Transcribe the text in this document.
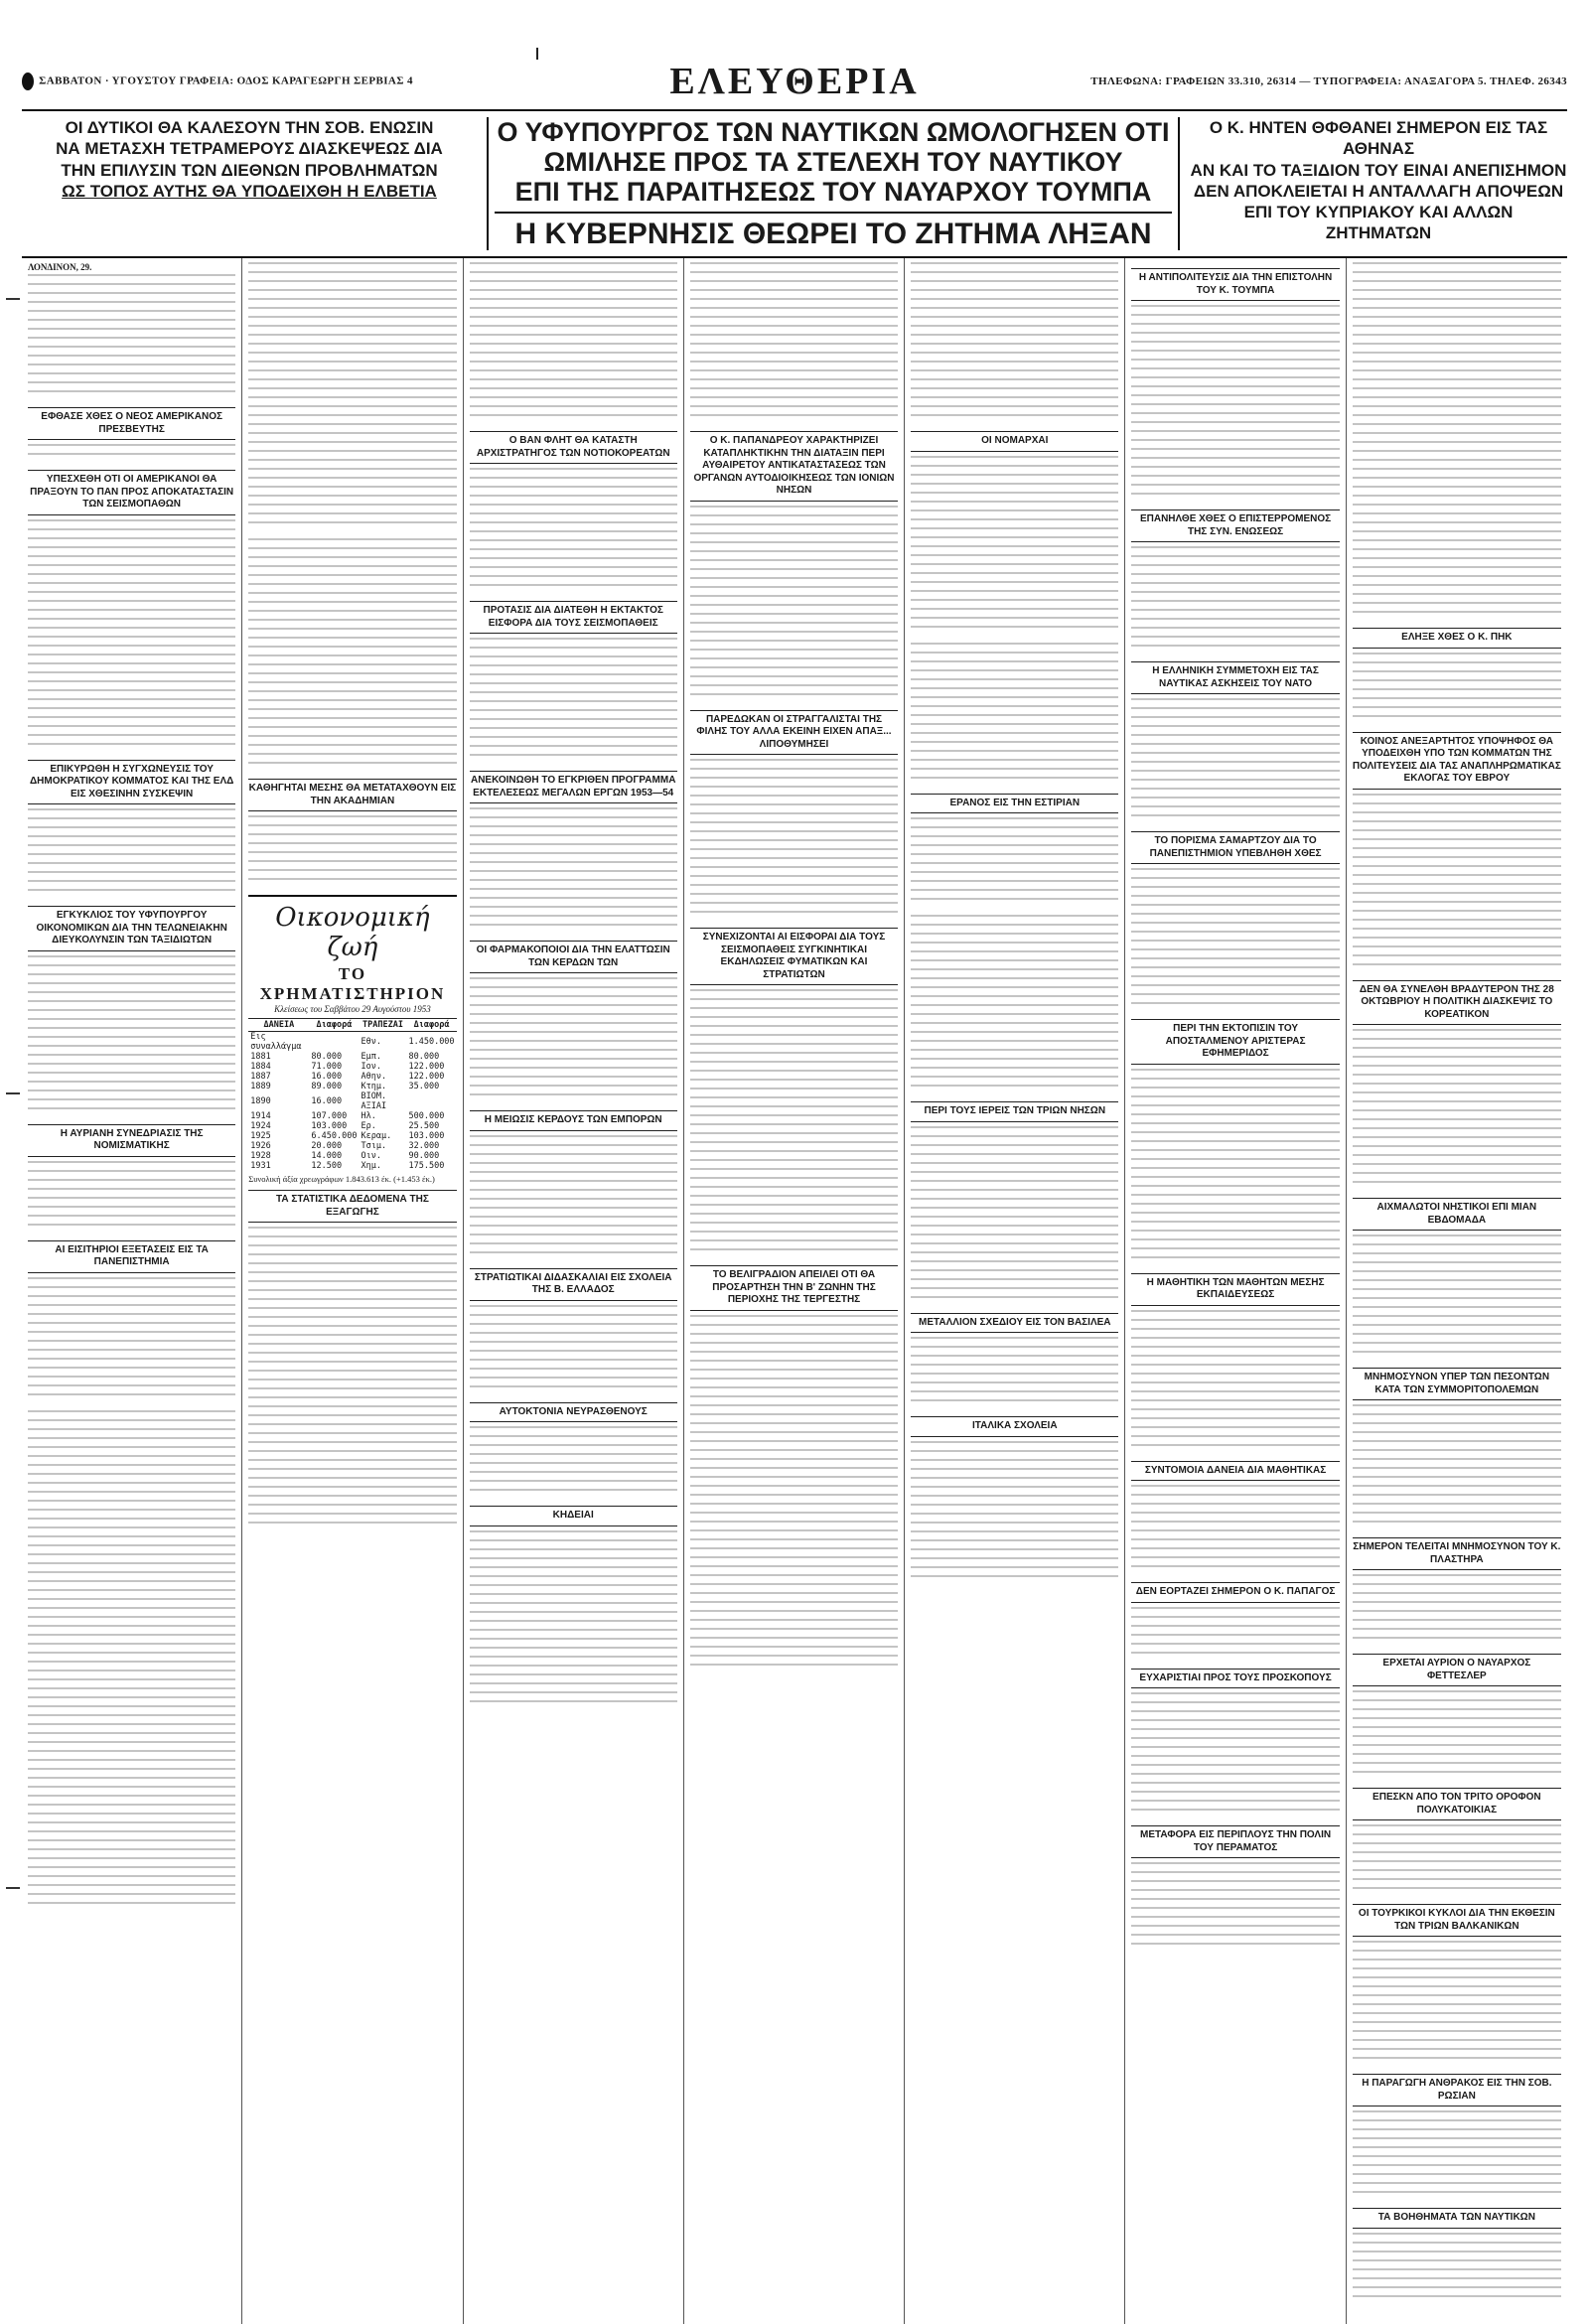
ΣΑΒΒΑΤΟΝ · ΥΓΟΥΣΤΟΥ ΓΡΑΦΕΙΑ: ΟΔΟΣ ΚΑΡΑΓΕΩΡΓΗ ΣΕΡΒΙΑΣ 4	ΕΛΕΥΘΕΡΙΑ	ΤΗΛΕΦΩΝΑ: ΓΡΑΦΕΙΩΝ 33.310, 26314 — ΤΥΠΟΓΡΑΦΕΙΑ: ΑΝΑΞΑΓΟΡΑ 5. ΤΗΛΕΦ. 26343
ΟΙ ΔΥΤΙΚΟΙ ΘΑ ΚΑΛΕΣΟΥΝ ΤΗΝ ΣΟΒ. ΕΝΩΣΙΝ
ΝΑ ΜΕΤΑΣΧΗ ΤΕΤΡΑΜΕΡΟΥΣ ΔΙΑΣΚΕΨΕΩΣ ΔΙΑ
ΤΗΝ ΕΠΙΛΥΣΙΝ ΤΩΝ ΔΙΕΘΝΩΝ ΠΡΟΒΛΗΜΑΤΩΝ
ΩΣ ΤΟΠΟΣ ΑΥΤΗΣ ΘΑ ΥΠΟΔΕΙΧΘΗ Η ΕΛΒΕΤΙΑ
Ο ΥΦΥΠΟΥΡΓΟΣ ΤΩΝ ΝΑΥΤΙΚΩΝ ΩΜΟΛΟΓΗΣΕΝ ΟΤΙ
ΩΜΙΛΗΣΕ ΠΡΟΣ ΤΑ ΣΤΕΛΕΧΗ ΤΟΥ ΝΑΥΤΙΚΟΥ
ΕΠΙ ΤΗΣ ΠΑΡΑΙΤΗΣΕΩΣ ΤΟΥ ΝΑΥΑΡΧΟΥ ΤΟΥΜΠΑ
Η ΚΥΒΕΡΝΗΣΙΣ ΘΕΩΡΕΙ ΤΟ ΖΗΤΗΜΑ ΛΗΞΑΝ
Ο Κ. ΗΝΤΕΝ ΘΦΘΑΝΕΙ ΣΗΜΕΡΟΝ ΕΙΣ ΤΑΣ ΑΘΗΝΑΣ
ΑΝ ΚΑΙ ΤΟ ΤΑΞΙΔΙΟΝ ΤΟΥ ΕΙΝΑΙ ΑΝΕΠΙΣΗΜΟΝ
ΔΕΝ ΑΠΟΚΛΕΙΕΤΑΙ Η ΑΝΤΑΛΛΑΓΗ ΑΠΟΨΕΩΝ
ΕΠΙ ΤΟΥ ΚΥΠΡΙΑΚΟΥ ΚΑΙ ΑΛΛΩΝ ΖΗΤΗΜΑΤΩΝ
ΛΟΝΔΙΝΟΝ, 29.
ΕΦΘΑΣΕ ΧΘΕΣ Ο ΝΕΟΣ ΑΜΕΡΙΚΑΝΟΣ ΠΡΕΣΒΕΥΤΗΣ
ΥΠΕΣΧΕΘΗ ΟΤΙ ΟΙ ΑΜΕΡΙΚΑΝΟΙ ΘΑ ΠΡΑΞΟΥΝ ΤΟ ΠΑΝ ΠΡΟΣ ΑΠΟΚΑΤΑΣΤΑΣΙΝ ΤΩΝ ΣΕΙΣΜΟΠΑΘΩΝ
ΕΠΙΚΥΡΩΘΗ Η ΣΥΓΧΩΝΕΥΣΙΣ ΤΟΥ ΔΗΜΟΚΡΑΤΙΚΟΥ ΚΟΜΜΑΤΟΣ ΚΑΙ ΤΗΣ ΕΛΔ ΕΙΣ ΧΘΕΣΙΝΗΝ ΣΥΣΚΕΨΙΝ
ΕΓΚΥΚΛΙΟΣ ΤΟΥ ΥΦΥΠΟΥΡΓΟΥ ΟΙΚΟΝΟΜΙΚΩΝ ΔΙΑ ΤΗΝ ΤΕΛΩΝΕΙΑΚΗΝ ΔΙΕΥΚΟΛΥΝΣΙΝ ΤΩΝ ΤΑΞΙΔΙΩΤΩΝ
Η ΑΥΡΙΑΝΗ ΣΥΝΕΔΡΙΑΣΙΣ ΤΗΣ ΝΟΜΙΣΜΑΤΙΚΗΣ
ΑΙ ΕΙΣΙΤΗΡΙΟΙ ΕΞΕΤΑΣΕΙΣ ΕΙΣ ΤΑ ΠΑΝΕΠΙΣΤΗΜΙΑ
ΚΑΘΗΓΗΤΑΙ ΜΕΣΗΣ ΘΑ ΜΕΤΑΤΑΧΘΟΥΝ ΕΙΣ ΤΗΝ ΑΚΑΔΗΜΙΑΝ
Οικονομική ζωή
ΤΟ ΧΡΗΜΑΤΙΣΤΗΡΙΟΝ
Κλείσεως του Σαββάτου 29 Αυγούστου 1953
ΔΑΝΕΙΑ	Διαφορά	ΤΡΑΠΕΖΑΙ	Διαφορά
Εις συναλλάγμα		Εθν.	1.450.000
1881	80.000	Εμπ.	80.000
1884	71.000	Ιον.	122.000
1887	16.000	Αθην.	122.000
1889	89.000	Κτημ.	35.000
1890	16.000	ΒΙΟΜ. ΑΞΙΑΙ	
1914	107.000	Ηλ.	500.000
1924	103.000	Ερ.	25.500
1925	6.450.000	Κεραμ.	103.000
1926	20.000	Τσιμ.	32.000
1928	14.000	Οιν.	90.000
1931	12.500	Χημ.	175.500
Συνολική άξία χρεωγράφων 1.843.613 έκ. (+1.453 έκ.)
ΤΑ ΣΤΑΤΙΣΤΙΚΑ ΔΕΔΟΜΕΝΑ ΤΗΣ ΕΞΑΓΩΓΗΣ
Ο ΒΑΝ ΦΛΗΤ ΘΑ ΚΑΤΑΣΤΗ ΑΡΧΙΣΤΡΑΤΗΓΟΣ ΤΩΝ ΝΟΤΙΟΚΟΡΕΑΤΩΝ
ΠΡΟΤΑΣΙΣ ΔΙΑ ΔΙΑΤΕΘΗ Η ΕΚΤΑΚΤΟΣ ΕΙΣΦΟΡΑ ΔΙΑ ΤΟΥΣ ΣΕΙΣΜΟΠΑΘΕΙΣ
ΑΝΕΚΟΙΝΩΘΗ ΤΟ ΕΓΚΡΙΘΕΝ ΠΡΟΓΡΑΜΜΑ ΕΚΤΕΛΕΣΕΩΣ ΜΕΓΑΛΩΝ ΕΡΓΩΝ 1953—54
ΟΙ ΦΑΡΜΑΚΟΠΟΙΟΙ ΔΙΑ ΤΗΝ ΕΛΑΤΤΩΣΙΝ ΤΩΝ ΚΕΡΔΩΝ ΤΩΝ
Η ΜΕΙΩΣΙΣ ΚΕΡΔΟΥΣ ΤΩΝ ΕΜΠΟΡΩΝ
ΣΤΡΑΤΙΩΤΙΚΑΙ ΔΙΔΑΣΚΑΛΙΑΙ ΕΙΣ ΣΧΟΛΕΙΑ ΤΗΣ Β. ΕΛΛΑΔΟΣ
ΑΥΤΟΚΤΟΝΙΑ ΝΕΥΡΑΣΘΕΝΟΥΣ
ΚΗΔΕΙΑΙ
Ο Κ. ΠΑΠΑΝΔΡΕΟΥ ΧΑΡΑΚΤΗΡΙΖΕΙ ΚΑΤΑΠΛΗΚΤΙΚΗΝ ΤΗΝ ΔΙΑΤΑΞΙΝ ΠΕΡΙ ΑΥΘΑΙΡΕΤΟΥ ΑΝΤΙΚΑΤΑΣΤΑΣΕΩΣ ΤΩΝ ΟΡΓΑΝΩΝ ΑΥΤΟΔΙΟΙΚΗΣΕΩΣ ΤΩΝ ΙΟΝΙΩΝ ΝΗΣΩΝ
ΠΑΡΕΔΩΚΑΝ ΟΙ ΣΤΡΑΓΓΑΛΙΣΤΑΙ ΤΗΣ ΦΙΛΗΣ ΤΟΥ ΑΛΛΑ ΕΚΕΙΝΗ ΕΙΧΕΝ ΑΠΑΞ... ΛΙΠΟΘΥΜΗΣΕΙ
ΣΥΝΕΧΙΖΟΝΤΑΙ ΑΙ ΕΙΣΦΟΡΑΙ ΔΙΑ ΤΟΥΣ ΣΕΙΣΜΟΠΑΘΕΙΣ ΣΥΓΚΙΝΗΤΙΚΑΙ ΕΚΔΗΛΩΣΕΙΣ ΦΥΜΑΤΙΚΩΝ ΚΑΙ ΣΤΡΑΤΙΩΤΩΝ
ΤΟ ΒΕΛΙΓΡΑΔΙΟΝ ΑΠΕΙΛΕΙ ΟΤΙ ΘΑ ΠΡΟΣΑΡΤΗΣΗ ΤΗΝ Β' ΖΩΝΗΝ ΤΗΣ ΠΕΡΙΟΧΗΣ ΤΗΣ ΤΕΡΓΕΣΤΗΣ
ΟΙ ΝΟΜΑΡΧΑΙ
ΕΡΑΝΟΣ ΕΙΣ ΤΗΝ ΕΣΤΙΡΙΑΝ
ΠΕΡΙ ΤΟΥΣ ΙΕΡΕΙΣ ΤΩΝ ΤΡΙΩΝ ΝΗΣΩΝ
ΜΕΤΑΛΛΙΟΝ ΣΧΕΔΙΟΥ ΕΙΣ ΤΟΝ ΒΑΣΙΛΕΑ
ΙΤΑΛΙΚΑ ΣΧΟΛΕΙΑ
Η ΑΝΤΙΠΟΛΙΤΕΥΣΙΣ ΔΙΑ ΤΗΝ ΕΠΙΣΤΟΛΗΝ ΤΟΥ Κ. ΤΟΥΜΠΑ
ΕΠΑΝΗΛΘΕ ΧΘΕΣ Ο ΕΠΙΣΤΕΡΡΟΜΕΝΟΣ ΤΗΣ ΣΥΝ. ΕΝΩΣΕΩΣ
Η ΕΛΛΗΝΙΚΗ ΣΥΜΜΕΤΟΧΗ ΕΙΣ ΤΑΣ ΝΑΥΤΙΚΑΣ ΑΣΚΗΣΕΙΣ ΤΟΥ ΝΑΤΟ
ΤΟ ΠΟΡΙΣΜΑ ΣΑΜΑΡΤΖΟΥ ΔΙΑ ΤΟ ΠΑΝΕΠΙΣΤΗΜΙΟΝ ΥΠΕΒΛΗΘΗ ΧΘΕΣ
ΠΕΡΙ ΤΗΝ ΕΚΤΟΠΙΣΙΝ ΤΟΥ ΑΠΟΣΤΑΛΜΕΝΟΥ ΑΡΙΣΤΕΡΑΣ ΕΦΗΜΕΡΙΔΟΣ
Η ΜΑΘΗΤΙΚΗ ΤΩΝ ΜΑΘΗΤΩΝ ΜΕΣΗΣ ΕΚΠΑΙΔΕΥΣΕΩΣ
ΣΥΝΤΟΜΟΙΑ ΔΑΝΕΙΑ ΔΙΑ ΜΑΘΗΤΙΚΑΣ
ΔΕΝ ΕΟΡΤΑΖΕΙ ΣΗΜΕΡΟΝ Ο Κ. ΠΑΠΑΓΟΣ
ΕΥΧΑΡΙΣΤΙΑΙ ΠΡΟΣ ΤΟΥΣ ΠΡΟΣΚΟΠΟΥΣ
ΜΕΤΑΦΟΡΑ ΕΙΣ ΠΕΡΙΠΛΟΥΣ ΤΗΝ ΠΟΛΙΝ ΤΟΥ ΠΕΡΑΜΑΤΟΣ
ΕΛΗΞΕ ΧΘΕΣ Ο Κ. ΠΗΚ
ΚΟΙΝΟΣ ΑΝΕΞΑΡΤΗΤΟΣ ΥΠΟΨΗΦΟΣ ΘΑ ΥΠΟΔΕΙΧΘΗ ΥΠΟ ΤΩΝ ΚΟΜΜΑΤΩΝ ΤΗΣ ΠΟΛΙΤΕΥΣΕΙΣ ΔΙΑ ΤΑΣ ΑΝΑΠΛΗΡΩΜΑΤΙΚΑΣ ΕΚΛΟΓΑΣ ΤΟΥ ΕΒΡΟΥ
ΔΕΝ ΘΑ ΣΥΝΕΛΘΗ ΒΡΑΔΥΤΕΡΟΝ ΤΗΣ 28 ΟΚΤΩΒΡΙΟΥ Η ΠΟΛΙΤΙΚΗ ΔΙΑΣΚΕΨΙΣ ΤΟ ΚΟΡΕΑΤΙΚΟΝ
ΑΙΧΜΑΛΩΤΟΙ ΝΗΣΤΙΚΟΙ ΕΠΙ ΜΙΑΝ ΕΒΔΟΜΑΔΑ
ΜΝΗΜΟΣΥΝΟΝ ΥΠΕΡ ΤΩΝ ΠΕΣΟΝΤΩΝ ΚΑΤΑ ΤΩΝ ΣΥΜΜΟΡΙΤΟΠΟΛΕΜΩΝ
ΣΗΜΕΡΟΝ ΤΕΛΕΙΤΑΙ ΜΝΗΜΟΣΥΝΟΝ ΤΟΥ Κ. ΠΛΑΣΤΗΡΑ
ΕΡΧΕΤΑΙ ΑΥΡΙΟΝ Ο ΝΑΥΑΡΧΟΣ ΦΕΤΤΕΣΛΕΡ
ΕΠΕΣΚΝ ΑΠΟ ΤΟΝ ΤΡΙΤΟ ΟΡΟΦΟΝ ΠΟΛΥΚΑΤΟΙΚΙΑΣ
ΟΙ ΤΟΥΡΚΙΚΟΙ ΚΥΚΛΟΙ ΔΙΑ ΤΗΝ ΕΚΘΕΣΙΝ ΤΩΝ ΤΡΙΩΝ ΒΑΛΚΑΝΙΚΩΝ
Η ΠΑΡΑΓΩΓΗ ΑΝΘΡΑΚΟΣ ΕΙΣ ΤΗΝ ΣΟΒ. ΡΩΣΙΑΝ
ΤΑ ΒΟΗΘΗΜΑΤΑ ΤΩΝ ΝΑΥΤΙΚΩΝ
